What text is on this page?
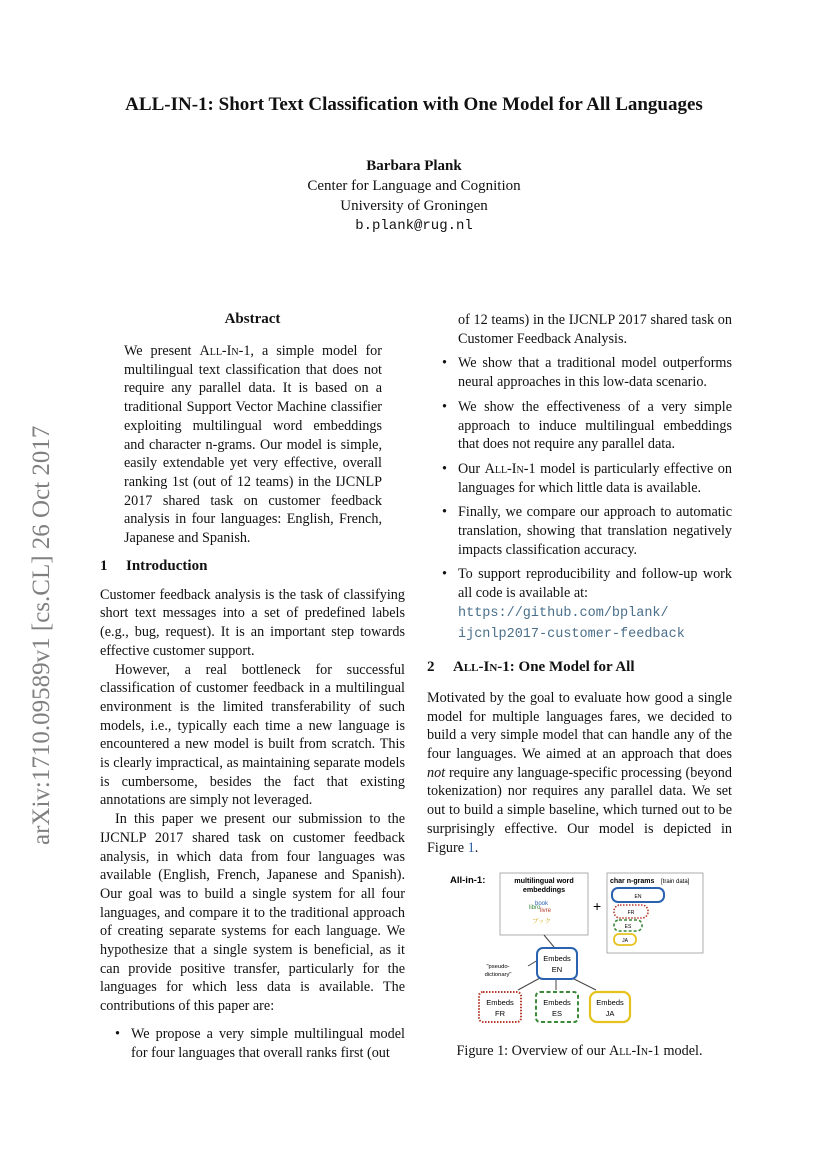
ALL-IN-1: Short Text Classification with One Model for All Languages
Barbara Plank
Center for Language and Cognition
University of Groningen
b.plank@rug.nl
arXiv:1710.09589v1 [cs.CL] 26 Oct 2017
Abstract

We present All-In-1, a simple model for multilingual text classification that does not require any parallel data. It is based on a traditional Support Vector Machine classifier exploiting multilingual word embeddings and character n-grams. Our model is simple, easily extendable yet very effective, overall ranking 1st (out of 12 teams) in the IJCNLP 2017 shared task on customer feedback analysis in four languages: English, French, Japanese and Spanish.

1 Introduction

Customer feedback analysis is the task of classifying short text messages into a set of predefined labels (e.g., bug, request). It is an important step towards effective customer support.

However, a real bottleneck for successful classification of customer feedback in a multilingual environment is the limited transferability of such models, i.e., typically each time a new language is encountered a new model is built from scratch. This is clearly impractical, as maintaining separate models is cumbersome, besides the fact that existing annotations are simply not leveraged.

In this paper we present our submission to the IJCNLP 2017 shared task on customer feedback analysis, in which data from four languages was available (English, French, Japanese and Spanish). Our goal was to build a single system for all four languages, and compare it to the traditional approach of creating separate systems for each language. We hypothesize that a single system is beneficial, as it can provide positive transfer, particularly for the languages for which less data is available. The contributions of this paper are:

• We propose a very simple multilingual model for four languages that overall ranks first (out

of 12 teams) in the IJCNLP 2017 shared task on Customer Feedback Analysis.

• We show that a traditional model outperforms neural approaches in this low-data scenario.
• We show the effectiveness of a very simple approach to induce multilingual embeddings that does not require any parallel data.
• Our All-In-1 model is particularly effective on languages for which little data is available.
• Finally, we compare our approach to automatic translation, showing that translation negatively impacts classification accuracy.
• To support reproducibility and follow-up work all code is available at:
https://github.com/bplank/
ijcnlp2017-customer-feedback
2 All-In-1: One Model for All

Motivated by the goal to evaluate how good a single model for multiple languages fares, we decided to build a very simple model that can handle any of the four languages. We aimed at an approach that does not require any language-specific processing (beyond tokenization) nor requires any parallel data. We set out to build a simple baseline, which turned out to be surprisingly effective. Our model is depicted in Figure 1.

All-in-1:	multilingual word
embeddings
book
libro livre
ブック
+
char n-grams [train data]
EN
FR
ES
JA
Embeds
EN
"pseudo-
dictionary"
Embeds
FR
Embeds
ES
Embeds
JA
Figure 1: Overview of our All-In-1 model.
